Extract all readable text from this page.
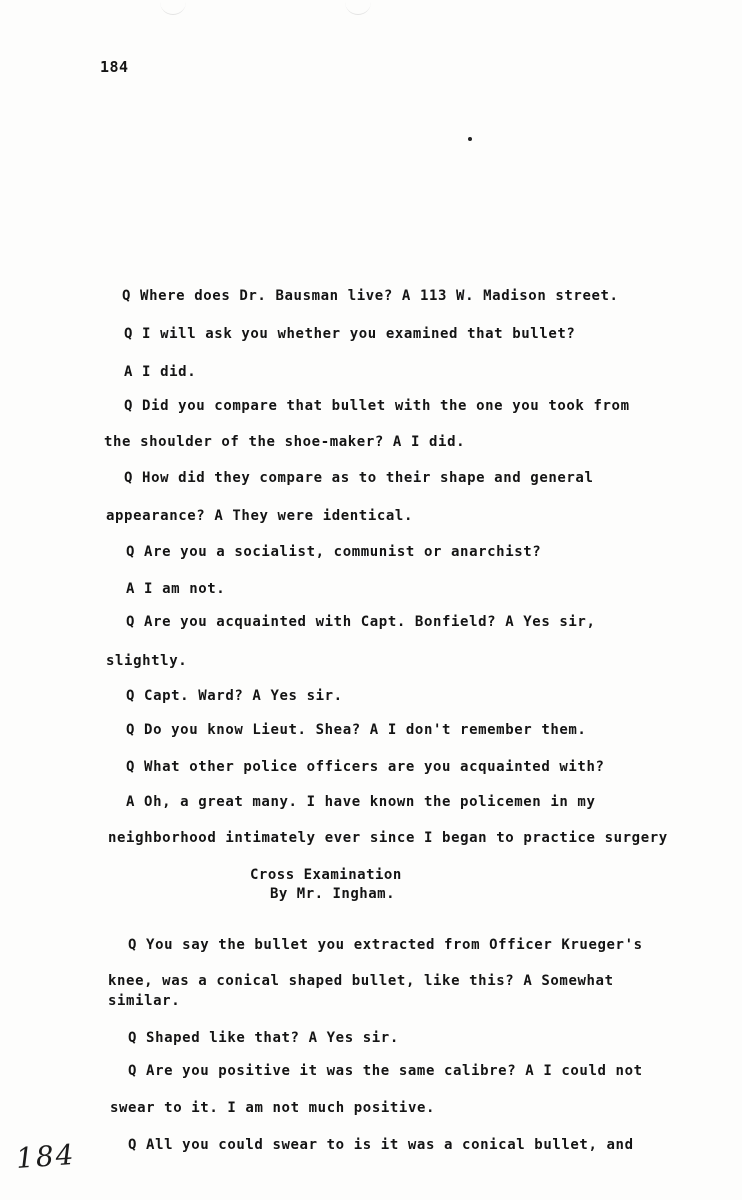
184
Q Where does Dr. Bausman live? A 113 W. Madison street.
Q I will ask you whether you examined that bullet?
A I did.
Q Did you compare that bullet with the one you took from
the shoulder of the shoe-maker? A I did.
Q How did they compare as to their shape and general
appearance? A They were identical.
Q Are you a socialist, communist or anarchist?
A I am not.
Q Are you acquainted with Capt. Bonfield? A Yes sir,
slightly.
Q Capt. Ward? A Yes sir.
Q Do you know Lieut. Shea? A I don't remember them.
Q What other police officers are you acquainted with?
A Oh, a great many. I have known the policemen in my
neighborhood intimately ever since I began to practice surgery
Cross Examination
By Mr. Ingham.
Q You say the bullet you extracted from Officer Krueger's
knee, was a conical shaped bullet, like this? A Somewhat
similar.
Q Shaped like that? A Yes sir.
Q Are you positive it was the same calibre? A I could not
swear to it. I am not much positive.
Q All you could swear to is it was a conical bullet, and
184
